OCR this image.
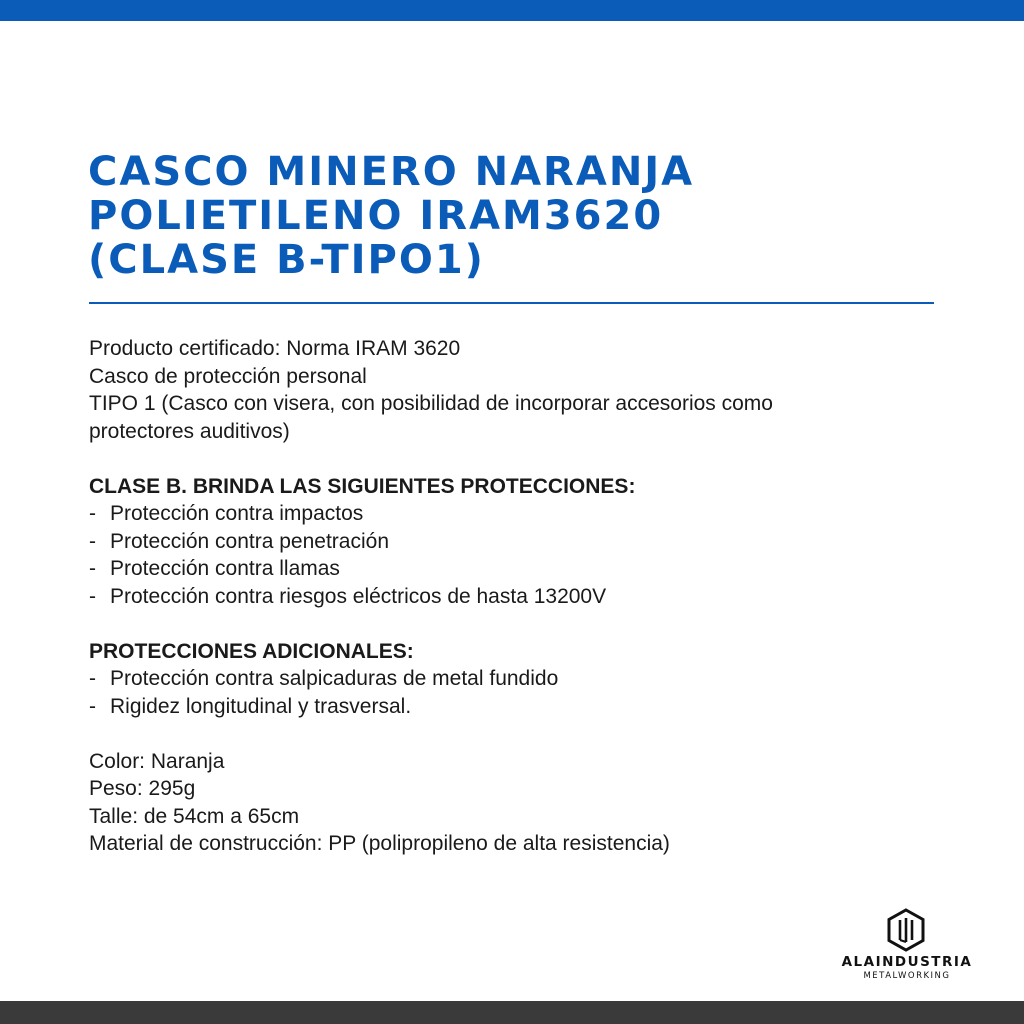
CASCO MINERO NARANJA
POLIETILENO IRAM3620
(CLASE B-TIPO1)

Producto certificado: Norma IRAM 3620

Casco de protección personal

TIPO 1 (Casco con visera, con posibilidad de incorporar accesorios como

protectores auditivos)

CLASE B. BRINDA LAS SIGUIENTES PROTECCIONES:

- Protección contra impactos
- Protección contra penetración
- Protección contra llamas
- Protección contra riesgos eléctricos de hasta 13200V

PROTECCIONES ADICIONALES:

- Protección contra salpicaduras de metal fundido
- Rigidez longitudinal y trasversal.

Color: Naranja

Peso: 295g

Talle: de 54cm a 65cm

Material de construcción: PP (polipropileno de alta resistencia)

ALAINDUSTRIA
METALWORKING
